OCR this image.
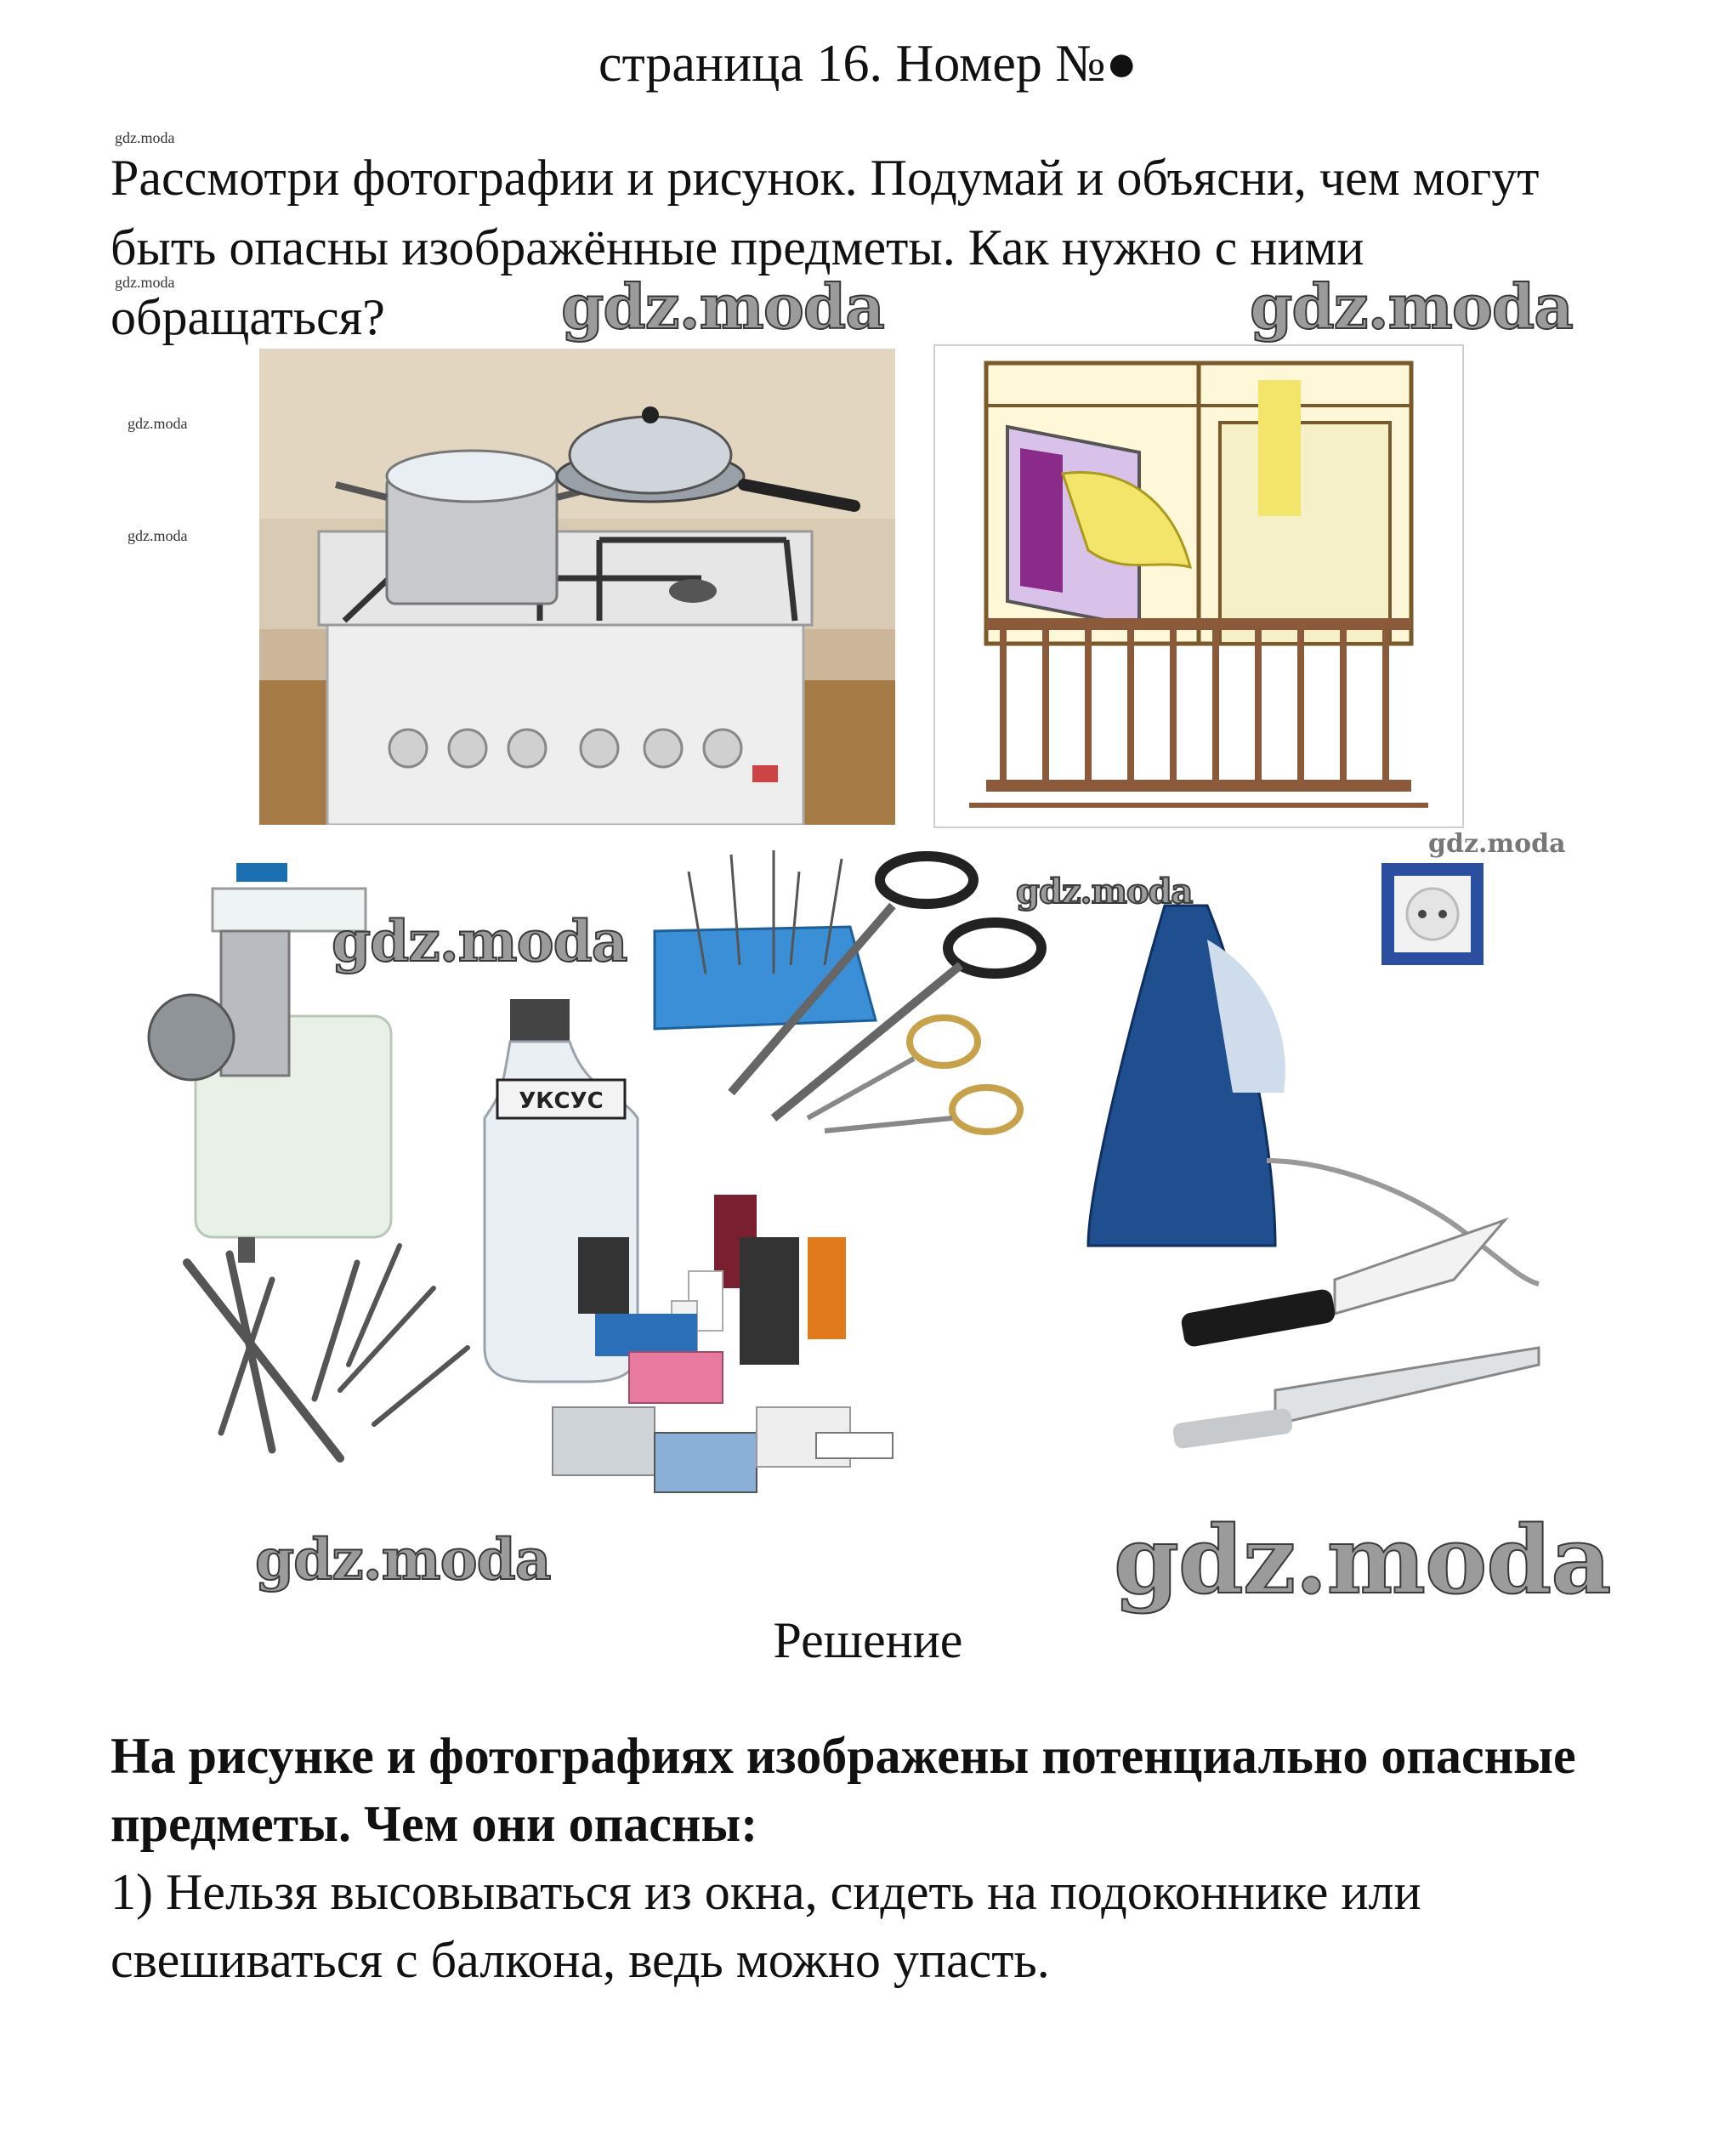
страница 16. Номер №●
gdz.moda
gdz.moda
gdz.moda
gdz.moda
Рассмотри фотографии и рисунок. Подумай и объясни, чем могут быть опасны изображённые предметы. Как нужно с ними обращаться?	gdz.moda	gdz.moda
УКСУС
gdz.moda
gdz.moda
gdz.moda
gdz.moda	gdz.moda
Решение
На рисунке и фотографиях изображены потенциально опасные предметы. Чем они опасны:
1) Нельзя высовываться из окна, сидеть на подоконнике или свешиваться с балкона, ведь можно упасть.
